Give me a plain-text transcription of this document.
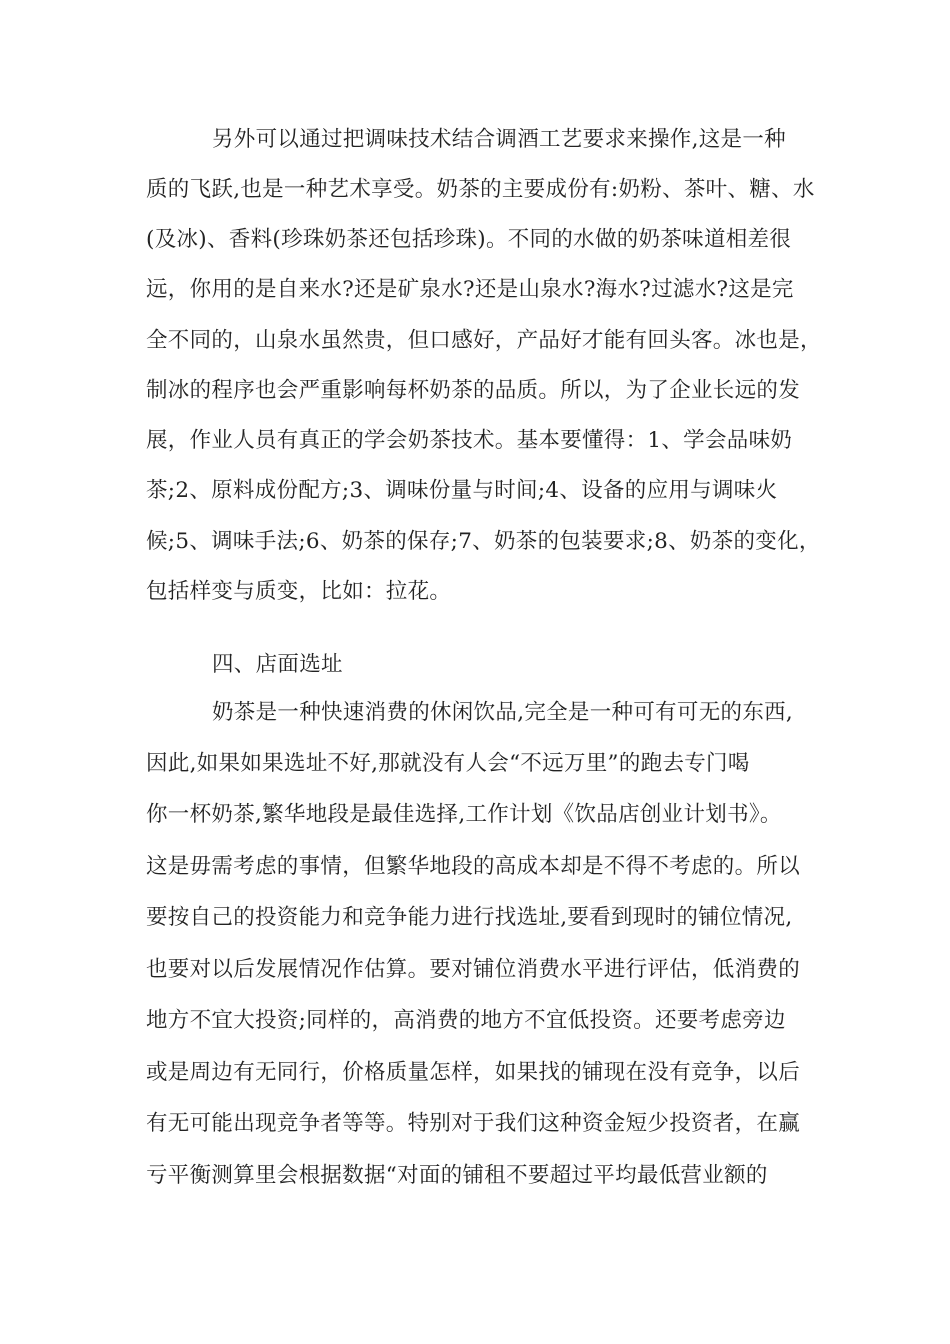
另外可以通过把调味技术结合调酒工艺要求来操作,这是一种
质的飞跃,也是一种艺术享受。奶茶的主要成份有:奶粉、茶叶、糖、水
(及冰)、香料(珍珠奶茶还包括珍珠)。不同的水做的奶茶味道相差很
远，你用的是自来水?还是矿泉水?还是山泉水?海水?过滤水?这是完
全不同的，山泉水虽然贵，但口感好，产品好才能有回头客。冰也是，
制冰的程序也会严重影响每杯奶茶的品质。所以，为了企业长远的发
展，作业人员有真正的学会奶茶技术。基本要懂得：1、学会品味奶
茶;2、原料成份配方;3、调味份量与时间;4、设备的应用与调味火
候;5、调味手法;6、奶茶的保存;7、奶茶的包装要求;8、奶茶的变化，
包括样变与质变，比如：拉花。
四、店面选址
奶茶是一种快速消费的休闲饮品,完全是一种可有可无的东西,
因此,如果如果选址不好,那就没有人会“不远万里”的跑去专门喝
你一杯奶茶,繁华地段是最佳选择,工作计划《饮品店创业计划书》。
这是毋需考虑的事情，但繁华地段的高成本却是不得不考虑的。所以
要按自己的投资能力和竞争能力进行找选址,要看到现时的铺位情况,
也要对以后发展情况作估算。要对铺位消费水平进行评估，低消费的
地方不宜大投资;同样的，高消费的地方不宜低投资。还要考虑旁边
或是周边有无同行，价格质量怎样，如果找的铺现在没有竞争，以后
有无可能出现竞争者等等。特别对于我们这种资金短少投资者，在赢
亏平衡测算里会根据数据“对面的铺租不要超过平均最低营业额的
